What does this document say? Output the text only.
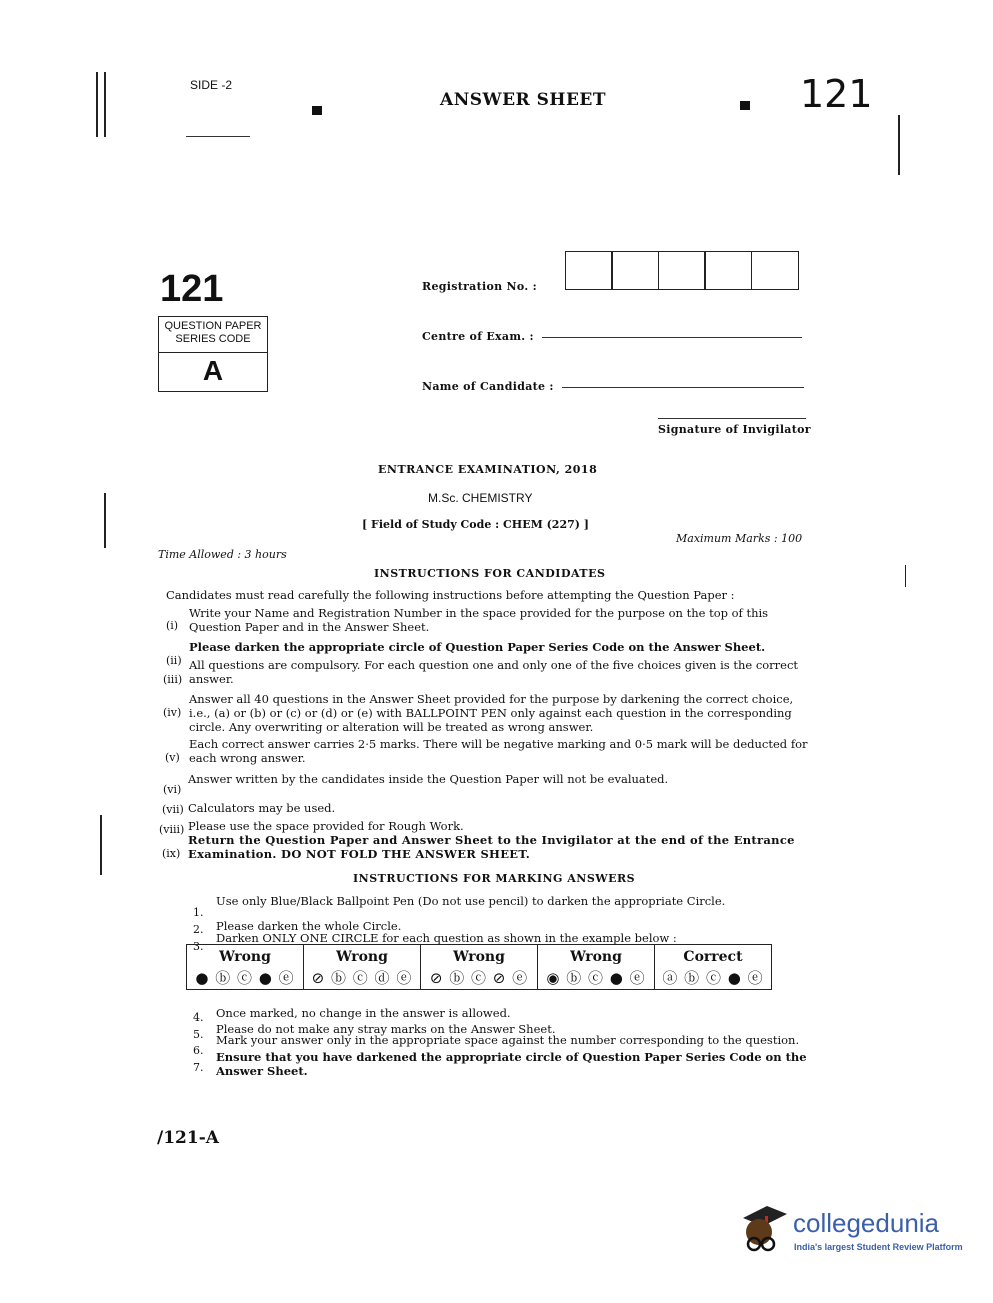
SIDE -2
ANSWER SHEET	121
121
QUESTION PAPER
SERIES CODE
A
Registration No. :
Centre of Exam. :
Name of Candidate :
Signature of Invigilator
ENTRANCE EXAMINATION, 2018
M.Sc. CHEMISTRY
[ Field of Study Code : CHEM (227) ]
Maximum Marks : 100
Time Allowed : 3 hours
INSTRUCTIONS FOR CANDIDATES
Candidates must read carefully the following instructions before attempting the Question Paper :
(i)
Write your Name and Registration Number in the space provided for the purpose on the top of this Question Paper and in the Answer Sheet.
(ii)
Please darken the appropriate circle of Question Paper Series Code on the Answer Sheet.
(iii)
All questions are compulsory. For each question one and only one of the five choices given is the correct answer.
(iv)
Answer all 40 questions in the Answer Sheet provided for the purpose by darkening the correct choice, i.e., (a) or (b) or (c) or (d) or (e) with BALLPOINT PEN only against each question in the corresponding circle. Any overwriting or alteration will be treated as wrong answer.
(v)
Each correct answer carries 2·5 marks. There will be negative marking and 0·5 mark will be deducted for each wrong answer.
(vi)
Answer written by the candidates inside the Question Paper will not be evaluated.
(vii) Calculators may be used.
(viii) Please use the space provided for Rough Work.
(ix)
Return the Question Paper and Answer Sheet to the Invigilator at the end of the Entrance Examination. DO NOT FOLD THE ANSWER SHEET.
INSTRUCTIONS FOR MARKING ANSWERS
1.
Use only Blue/Black Ballpoint Pen (Do not use pencil) to darken the appropriate Circle.
2. Please darken the whole Circle.
3.
Darken ONLY ONE CIRCLE for each question as shown in the example below :
Wrong
● ⓑ ⓒ ● ⓔ

Wrong
⊘ ⓑ ⓒ ⓓ ⓔ

Wrong
⊘ ⓑ ⓒ ⊘ ⓔ

Wrong
◉ ⓑ ⓒ ● ⓔ

Correct
ⓐ ⓑ ⓒ ● ⓔ
4. Once marked, no change in the answer is allowed.
5. Please do not make any stray marks on the Answer Sheet.
6.
Mark your answer only in the appropriate space against the number corresponding to the question.
7.
Ensure that you have darkened the appropriate circle of Question Paper Series Code on the Answer Sheet.
/121-A
collegedunia
India's largest Student Review Platform
